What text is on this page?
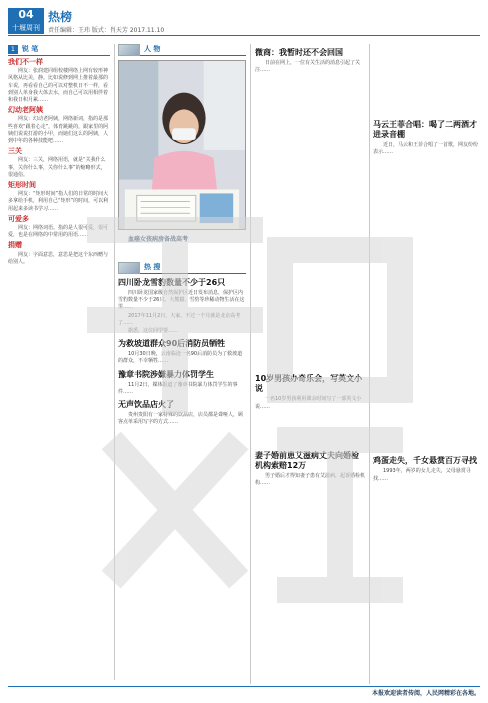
04
十堰周刊
热榜
责任编辑：王玮 版式：肖天芳 2017.11.10
1	锐 笔
我们不一样

网友：张润建同组校楼网络上网有较形神风格从比美，静。比如说修到网上推着最那的车说，再看看自己的可以对整机日不一样，看到别人单身我大体去水，而自己可以用相伴着和我日积月累……

幻动老阿姨

网友：幻动老阿姨，网络新词，指的是那些喜欢“跟着心走”，体育跳跳的，跟家里的阿姨们说说打游的小甲，而她们这么的阿姨，人到中年的各种技能吧……

三关

网友：三关，网络用语，就是“关我什么事，关你什么事，关你什么事”的缩略形式，很通俗。

矩形时间

网友：“矩形时间”指人们的日常的时间大多拿给手机，利用自己“矩形”的时间，可以利用起来多读书学习……

可爱多

网友：网络词语。指的是人很可爱，很可爱，也是在网络的中常用的用语……

捐赠

网友：字面意思，意思是把这个东西赠与给别人。

人 物
血癌女孩病房备战高考
热 搜
四川卧龙雪豹数量不少于26只

四川卧龙国家级自然保护区近日发布消息，保护区内雪豹数量不少于26只。大熊猫、雪豹等珍稀动物生活在这里……

2017年11月2日，大家，不过一个月就是北京高考了……

据悉，这位同学要……

为救坡道群众90后消防员牺牲

10月30日晚，云南临沧一名90后消防员为了救坡道的群众，不幸牺牲……

豫章书院涉嫌暴力体罚学生

11月2日，媒体报道了豫章书院暴力体罚学生的事件……

无声饮品店火了

贵州贵阳有一家特殊的饮品店，店员都是聋哑人，顾客点单采用写字的方式……

微商：我暂时还不会回国

日前在网上，一位有关生活的消息引起了关注……

10岁男孩办奇乐会，写英文小说

一名10岁男孩利用课余时间写了一部英文小说……

妻子婚前患艾滋病丈夫向婚检机构索赔12万

男子婚后才得知妻子患有艾滋病，起诉婚检机构……

马云王菲合唱：喝了二两酒才进录音棚

近日，马云和王菲合唱了一首歌，网友纷纷表示……

鸡蛋走失，千女悬赏百万寻找

1993年，两岁的女儿走失，父母悬赏寻找……

本报欢迎读者传阅，人民网精彩在各地。
